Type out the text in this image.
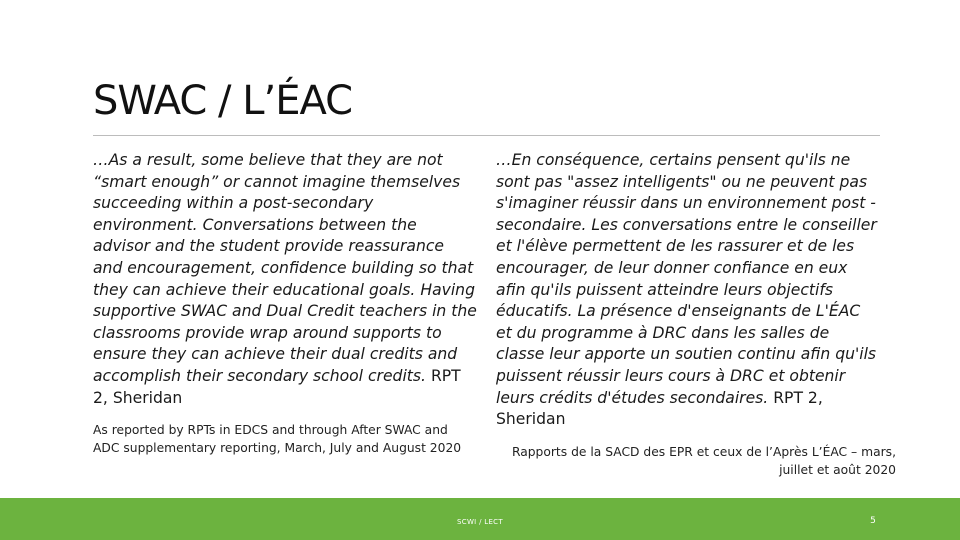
SWAC / L’ÉAC
…As a result, some believe that they are not “smart enough” or cannot imagine themselves succeeding within a post-secondary environment. Conversations between the advisor and the student provide reassurance and encouragement, confidence building so that they can achieve their educational goals. Having supportive SWAC and Dual Credit teachers in the classrooms provide wrap around supports to ensure they can achieve their dual credits and accomplish their secondary school credits. RPT 2, Sheridan
…En conséquence, certains pensent qu'ils ne sont pas "assez intelligents" ou ne peuvent pas s'imaginer réussir dans un environnement post -secondaire. Les conversations entre le conseiller et l'élève permettent de les rassurer et de les encourager, de leur donner confiance en eux afin qu'ils puissent atteindre leurs objectifs éducatifs. La présence d'enseignants de L'ÉAC et du programme à DRC dans les salles de classe leur apporte un soutien continu afin qu'ils puissent réussir leurs cours à DRC et obtenir leurs crédits d'études secondaires. RPT 2, Sheridan
As reported by RPTs in EDCS and through After SWAC and ADC supplementary reporting, March, July and August 2020	Rapports de la SACD des EPR et ceux de l’Après L’ÉAC – mars, juillet et août 2020
SCWI / LECT	5
